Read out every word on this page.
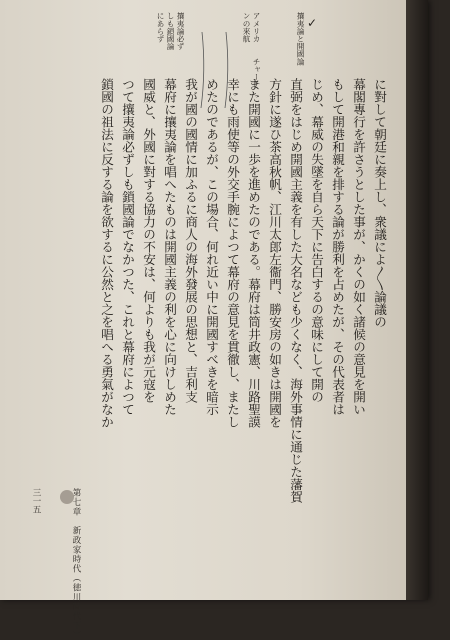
✓
攘夷論と開國論
アメリカ　　チャーチ
ンの來航
攘夷論必ず
しも鎖國論
にあらず
に對して朝廷に奏上し、衆議によ〳〵論議の
幕閣專行を許さうとした事が、かくの如く諸候の意見を開い
もして開港和親を排する論が勝利を占めたが、その代表者は
じめ、幕威の失墜を自ら天下に告白するの意味にして開の
直弼をはじめ開國主義を有した大名なども少くなく、海外事情に通じた藩賀
方針に遂ひ茶高秋帆、江川太郎左衞門、勝安房の如きは開國を
また開國に一歩を進めたのである。幕府は筒井政憲、川路聖謨
幸にも雨使等の外交手腕によつて幕府の意見を貫徹し、またし
めたのであるが、この場合、何れ近い中に開國すべきを暗示
我が國の國情に加ふるに商人の海外發展の思想と、吉利支
幕府に攘夷論を唱へたものは開國主義の利を心に向けしめた
國威と、外國に對する協力の不安は、何よりも我が元寇を
つて攘夷論必ずしも鎖國論でなかつた、これと幕府によつて
鎖國の祖法に反する論を欲するに公然と之を唱へる勇氣がなか
第七章　新政家時代（徳川時代下）
三一五
